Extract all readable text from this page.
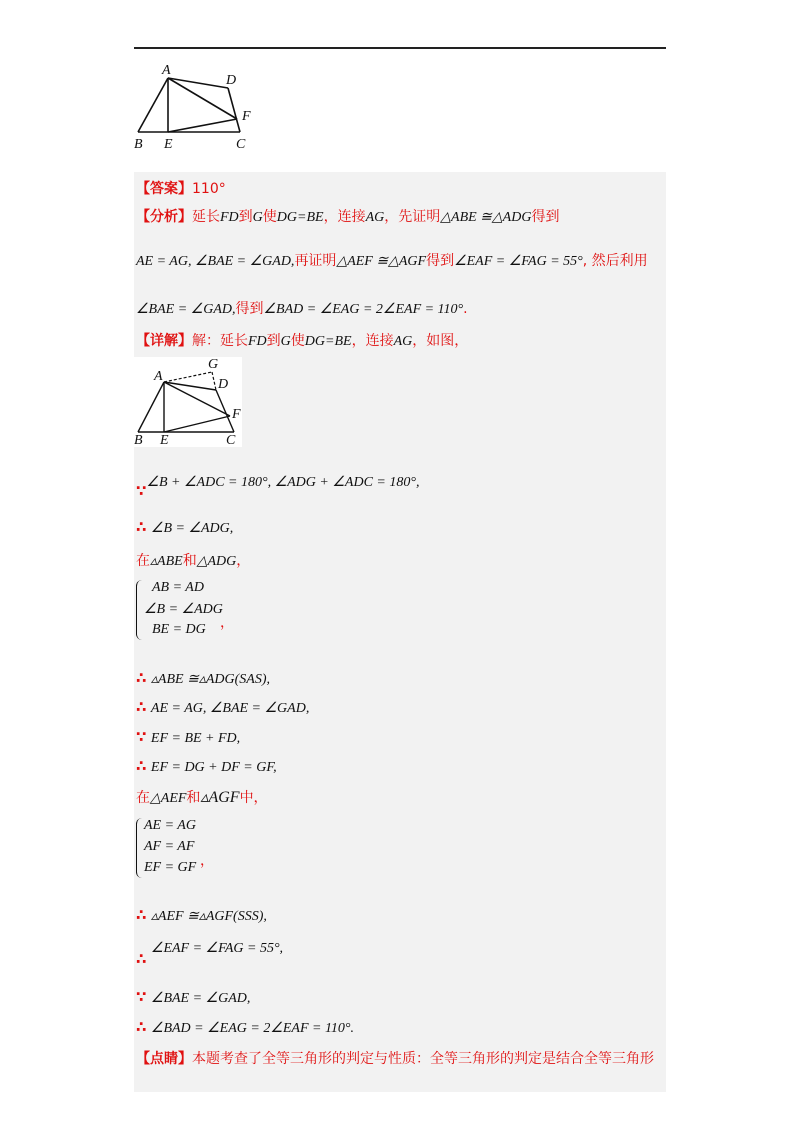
A
D
F
B E	C
【答案】110°
【分析】延长FD到G使DG=BE，连接AG，先证明△ABE ≅△ADG得到
AE = AG, ∠BAE = ∠GAD,再证明△AEF ≅△AGF得到∠EAF = ∠FAG = 55°, 然后利用
∠BAE = ∠GAD,得到∠BAD = ∠EAG = 2∠EAF = 110°.
【详解】解：延长FD到G使DG=BE，连接AG，如图，
G
A
D
F
B E	C
∵∠B + ∠ADC = 180°, ∠ADG + ∠ADC = 180°,
∴ ∠B = ∠ADG,
在▵ABE和△ADG，
AB = AD
∠B = ∠ADG
BE = DG ，
∴ ▵ABE ≅▵ADG(SAS),
∴ AE = AG, ∠BAE = ∠GAD,
∵ EF = BE + FD,
∴ EF = DG + DF = GF,
在△AEF和▵AGF中，
AE = AG
AF = AF
EF = GF ，
∴ ▵AEF ≅▵AGF(SSS),
∴ ∠EAF = ∠FAG = 55°,
∵ ∠BAE = ∠GAD,
∴ ∠BAD = ∠EAG = 2∠EAF = 110°.
【点睛】本题考查了全等三角形的判定与性质：全等三角形的判定是结合全等三角形
